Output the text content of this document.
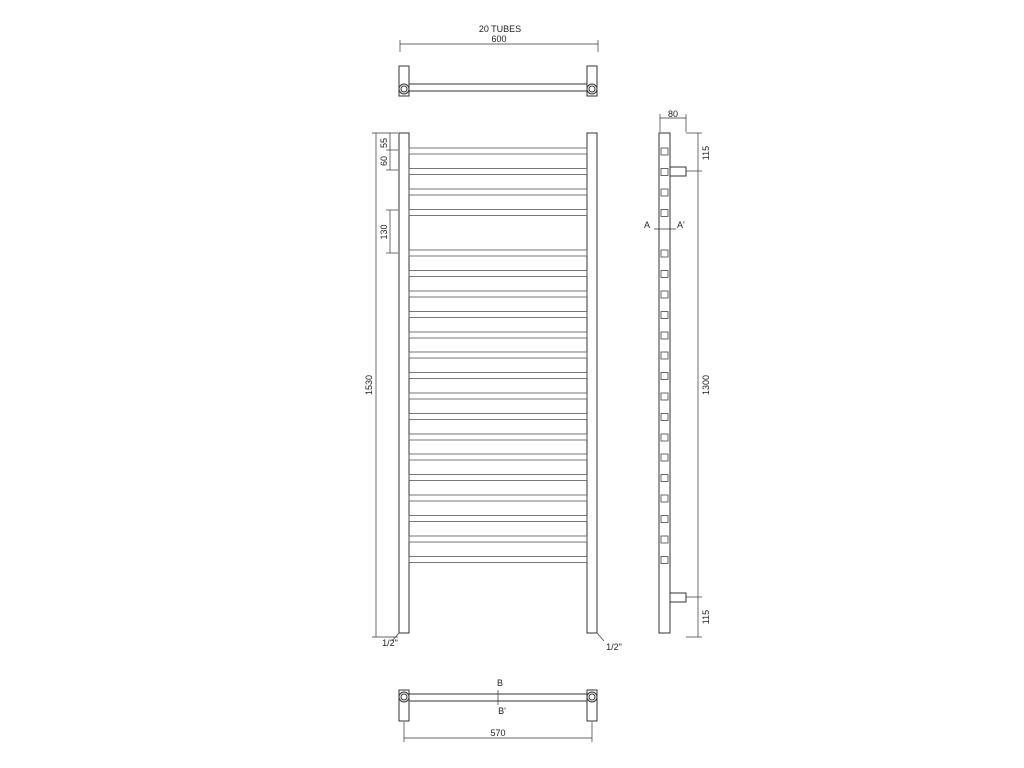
20 TUBES
600
1530
55
60
130
1/2"	1/2"
80
115
1300
115
A	A'
B
B'
570
